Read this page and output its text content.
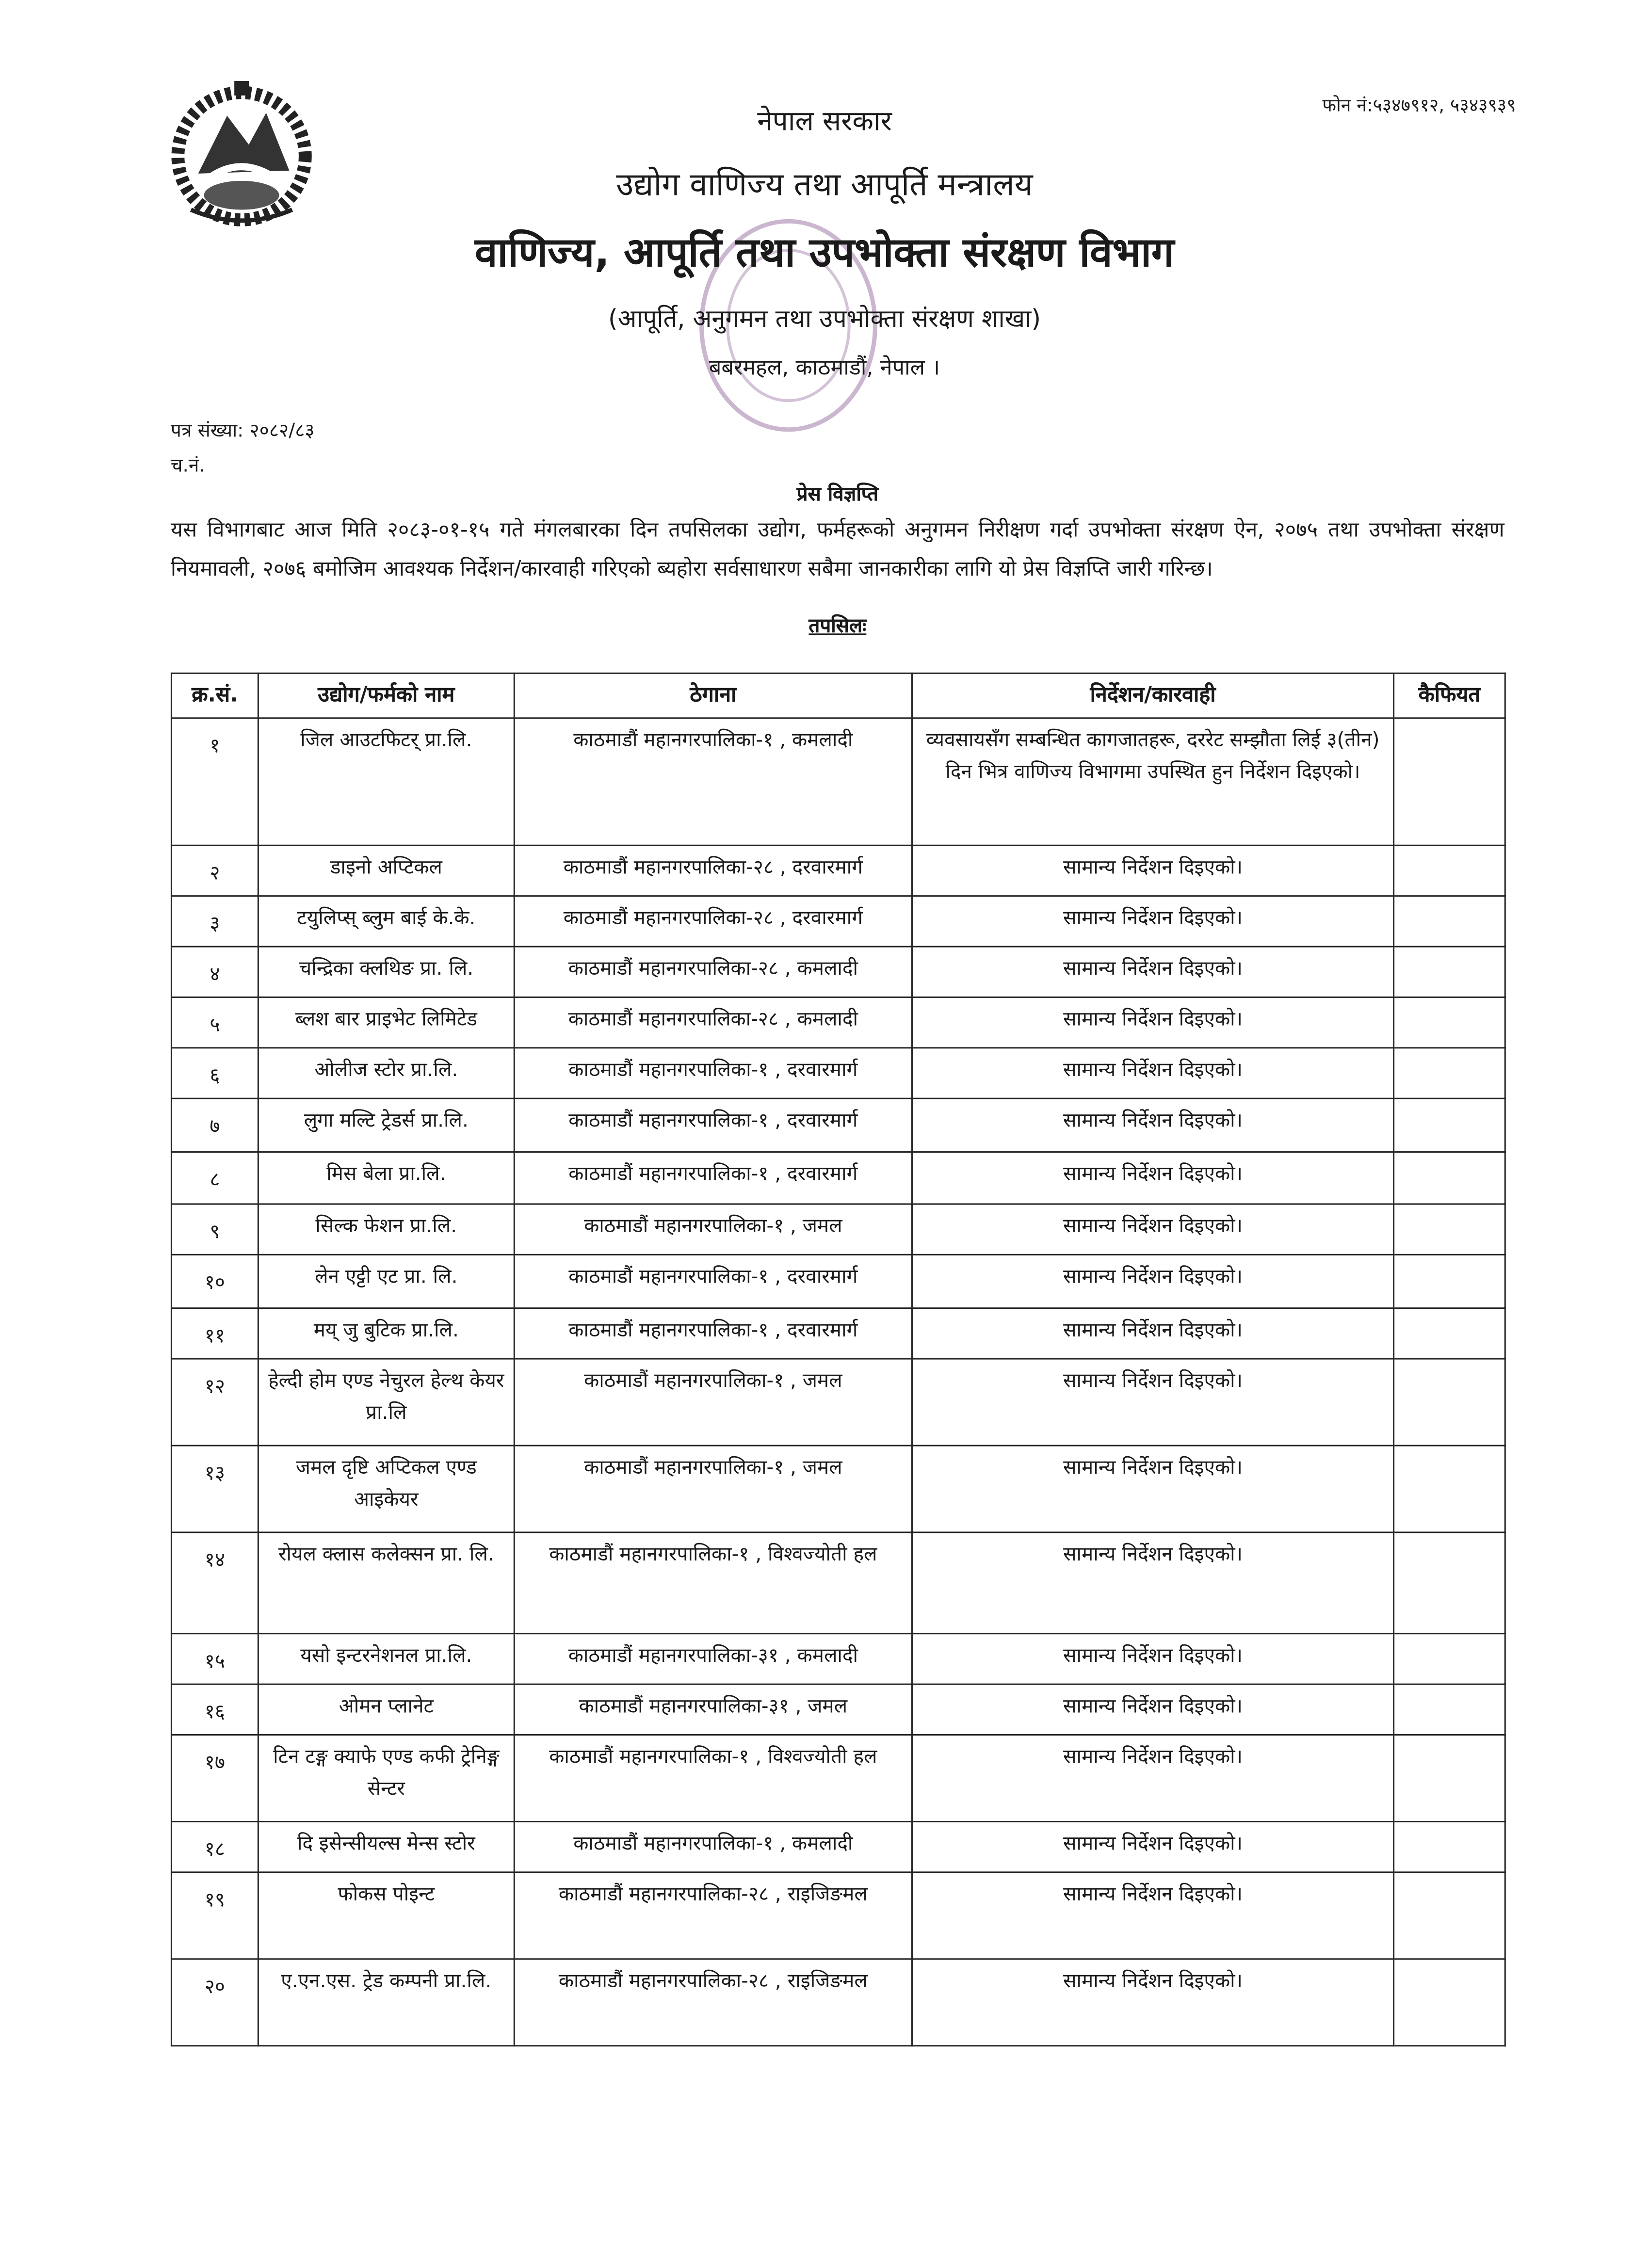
फोन नं:५३४७९१२, ५३४३९३९
नेपाल सरकार
उद्योग वाणिज्य तथा आपूर्ति मन्त्रालय
वाणिज्य, आपूर्ति तथा उपभोक्ता संरक्षण विभाग
(आपूर्ति, अनुगमन तथा उपभोक्ता संरक्षण शाखा)
बबरमहल, काठमाडौं, नेपाल ।
पत्र संख्या: २०८२/८३
च.नं.
प्रेस विज्ञप्ति

यस विभागबाट आज मिति २०८३-०१-१५ गते मंगलबारका दिन तपसिलका उद्योग, फर्महरूको अनुगमन निरीक्षण गर्दा उपभोक्ता संरक्षण ऐन, २०७५ तथा उपभोक्ता संरक्षण नियमावली, २०७६ बमोजिम आवश्यक निर्देशन/कारवाही गरिएको ब्यहोरा सर्वसाधारण सबैमा जानकारीका लागि यो प्रेस विज्ञप्ति जारी गरिन्छ।

तपसिलः
क्र.सं.	उद्योग/फर्मको नाम	ठेगाना	निर्देशन/कारवाही	कैफियत
१	जिल आउटफिटर् प्रा.लि.	काठमाडौं महानगरपालिका-१ , कमलादी	व्यवसायसँग सम्बन्धित कागजातहरू, दररेट सम्झौता लिई ३(तीन) दिन भित्र वाणिज्य विभागमा उपस्थित हुन निर्देशन दिइएको।	
२	डाइनो अप्टिकल	काठमाडौं महानगरपालिका-२८ , दरवारमार्ग	सामान्य निर्देशन दिइएको।	
३	टयुलिप्स् ब्लुम बाई के.के.	काठमाडौं महानगरपालिका-२८ , दरवारमार्ग	सामान्य निर्देशन दिइएको।	
४	चन्द्रिका क्लथिङ प्रा. लि.	काठमाडौं महानगरपालिका-२८ , कमलादी	सामान्य निर्देशन दिइएको।	
५	ब्लश बार प्राइभेट लिमिटेड	काठमाडौं महानगरपालिका-२८ , कमलादी	सामान्य निर्देशन दिइएको।	
६	ओलीज स्टोर प्रा.लि.	काठमाडौं महानगरपालिका-१ , दरवारमार्ग	सामान्य निर्देशन दिइएको।	
७	लुगा मल्टि ट्रेडर्स प्रा.लि.	काठमाडौं महानगरपालिका-१ , दरवारमार्ग	सामान्य निर्देशन दिइएको।	
८	मिस बेला प्रा.लि.	काठमाडौं महानगरपालिका-१ , दरवारमार्ग	सामान्य निर्देशन दिइएको।	
९	सिल्क फेशन प्रा.लि.	काठमाडौं महानगरपालिका-१ , जमल	सामान्य निर्देशन दिइएको।	
१०	लेन एट्टी एट प्रा. लि.	काठमाडौं महानगरपालिका-१ , दरवारमार्ग	सामान्य निर्देशन दिइएको।	
११	मय् जु बुटिक प्रा.लि.	काठमाडौं महानगरपालिका-१ , दरवारमार्ग	सामान्य निर्देशन दिइएको।	
१२	हेल्दी होम एण्ड नेचुरल हेल्थ केयर प्रा.लि	काठमाडौं महानगरपालिका-१ , जमल	सामान्य निर्देशन दिइएको।	
१३	जमल दृष्टि अप्टिकल एण्ड आइकेयर	काठमाडौं महानगरपालिका-१ , जमल	सामान्य निर्देशन दिइएको।	
१४	रोयल क्लास कलेक्सन प्रा. लि.	काठमाडौं महानगरपालिका-१ , विश्वज्योती हल	सामान्य निर्देशन दिइएको।	
१५	यसो इन्टरनेशनल प्रा.लि.	काठमाडौं महानगरपालिका-३१ , कमलादी	सामान्य निर्देशन दिइएको।	
१६	ओमन प्लानेट	काठमाडौं महानगरपालिका-३१ , जमल	सामान्य निर्देशन दिइएको।	
१७	टिन टङ्ग क्याफे एण्ड कफी ट्रेनिङ्ग सेन्टर	काठमाडौं महानगरपालिका-१ , विश्वज्योती हल	सामान्य निर्देशन दिइएको।	
१८	दि इसेन्सीयल्स मेन्स स्टोर	काठमाडौं महानगरपालिका-१ , कमलादी	सामान्य निर्देशन दिइएको।	
१९	फोकस पोइन्ट	काठमाडौं महानगरपालिका-२८ , राइजिङमल	सामान्य निर्देशन दिइएको।	
२०	ए.एन.एस. ट्रेड कम्पनी प्रा.लि.	काठमाडौं महानगरपालिका-२८ , राइजिङमल	सामान्य निर्देशन दिइएको।	
